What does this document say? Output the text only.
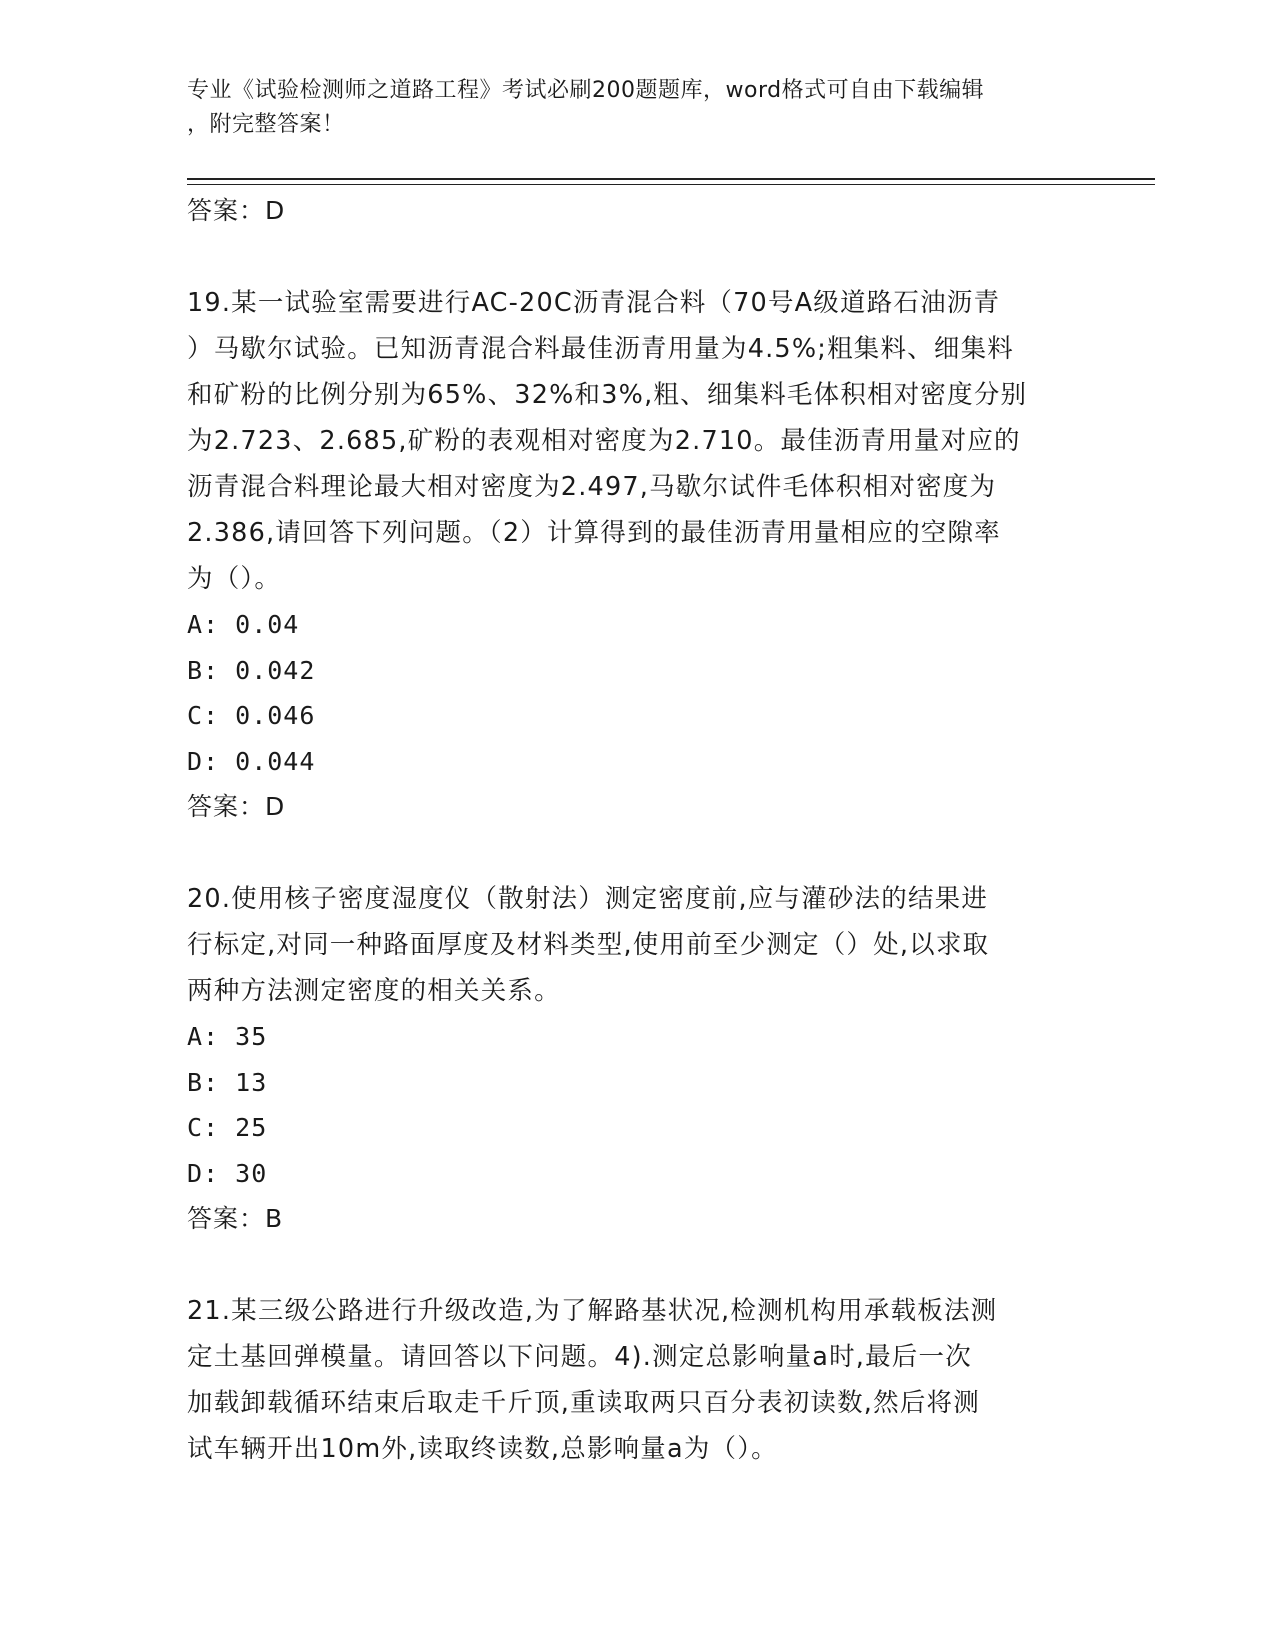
专业《试验检测师之道路工程》考试必刷200题题库，word格式可自由下载编辑
，附完整答案！
答案：D
19.某一试验室需要进行AC-20C沥青混合料（70号A级道路石油沥青
）马歇尔试验。已知沥青混合料最佳沥青用量为4.5%;粗集料、细集料
和矿粉的比例分别为65%、32%和3%,粗、细集料毛体积相对密度分别
为2.723、2.685,矿粉的表观相对密度为2.710。最佳沥青用量对应的
沥青混合料理论最大相对密度为2.497,马歇尔试件毛体积相对密度为
2.386,请回答下列问题。（2）计算得到的最佳沥青用量相应的空隙率
为（）。
A: 0.04
B: 0.042
C: 0.046
D: 0.044
答案：D
20.使用核子密度湿度仪（散射法）测定密度前,应与灌砂法的结果进
行标定,对同一种路面厚度及材料类型,使用前至少测定（）处,以求取
两种方法测定密度的相关关系。
A: 35
B: 13
C: 25
D: 30
答案：B
21.某三级公路进行升级改造,为了解路基状况,检测机构用承载板法测
定土基回弹模量。请回答以下问题。4).测定总影响量a时,最后一次
加载卸载循环结束后取走千斤顶,重读取两只百分表初读数,然后将测
试车辆开出10m外,读取终读数,总影响量a为（）。
